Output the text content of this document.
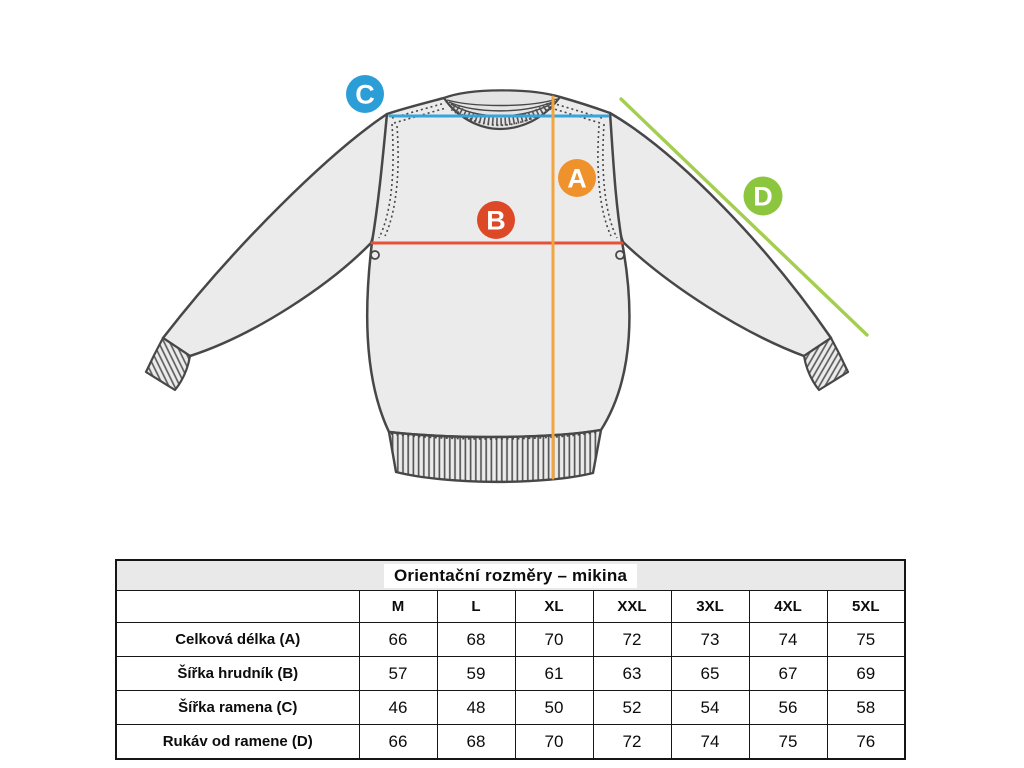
C
A
B
D
Orientační rozměry – mikina							
	M	L	XL	XXL	3XL	4XL	5XL
Celková délka (A)	66	68	70	72	73	74	75
Šířka hrudník (B)	57	59	61	63	65	67	69
Šířka ramena (C)	46	48	50	52	54	56	58
Rukáv od ramene (D)	66	68	70	72	74	75	76
